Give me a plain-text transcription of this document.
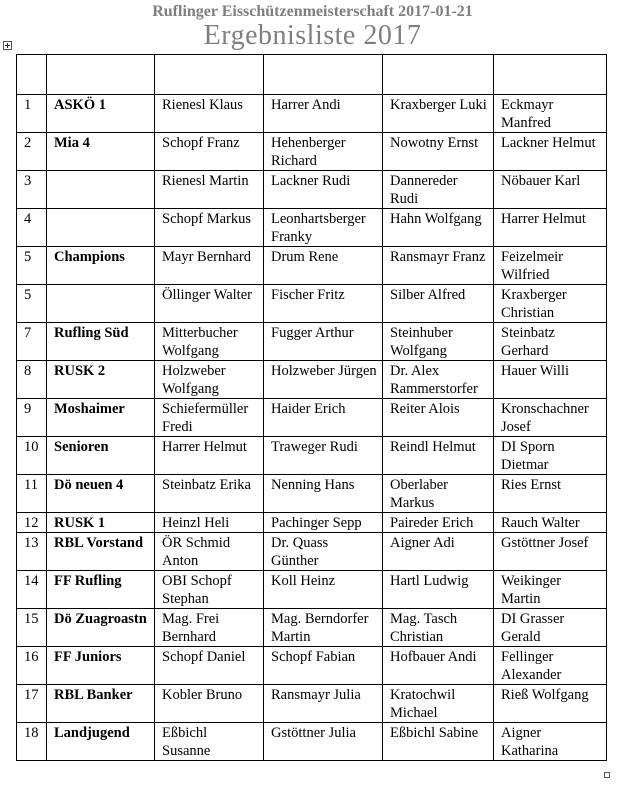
Ruflinger Eisschützenmeisterschaft 2017-01-21
Ergebnisliste 2017

1	ASKÖ 1	Rienesl Klaus	Harrer Andi	Kraxberger Luki	Eckmayr Manfred
2	Mia 4	Schopf Franz	Hehenberger Richard	Nowotny Ernst	Lackner Helmut
3		Rienesl Martin	Lackner Rudi	Dannereder Rudi	Nöbauer Karl
4		Schopf Markus	Leonhartsberger Franky	Hahn Wolfgang	Harrer Helmut
5	Champions	Mayr Bernhard	Drum Rene	Ransmayr Franz	Feizelmeir Wilfried
5		Öllinger Walter	Fischer Fritz	Silber Alfred	Kraxberger Christian
7	Rufling Süd	Mitterbucher Wolfgang	Fugger Arthur	Steinhuber Wolfgang	Steinbatz Gerhard
8	RUSK 2	Holzweber Wolfgang	Holzweber Jürgen	Dr. Alex Rammerstorfer	Hauer Willi
9	Moshaimer	Schiefermüller Fredi	Haider Erich	Reiter Alois	Kronschachner Josef
10	Senioren	Harrer Helmut	Traweger Rudi	Reindl Helmut	DI Sporn Dietmar
11	Dö neuen 4	Steinbatz Erika	Nenning Hans	Oberlaber Markus	Ries Ernst
12	RUSK 1	Heinzl Heli	Pachinger Sepp	Paireder Erich	Rauch Walter
13	RBL Vorstand	ÖR Schmid Anton	Dr. Quass Günther	Aigner Adi	Gstöttner Josef
14	FF Rufling	OBI Schopf Stephan	Koll Heinz	Hartl Ludwig	Weikinger Martin
15	Dö Zuagroastn	Mag. Frei Bernhard	Mag. Berndorfer Martin	Mag. Tasch Christian	DI Grasser Gerald
16	FF Juniors	Schopf Daniel	Schopf Fabian	Hofbauer Andi	Fellinger Alexander
17	RBL Banker	Kobler Bruno	Ransmayr Julia	Kratochwil Michael	Rieß Wolfgang
18	Landjugend	Eßbichl Susanne	Gstöttner Julia	Eßbichl Sabine	Aigner Katharina
